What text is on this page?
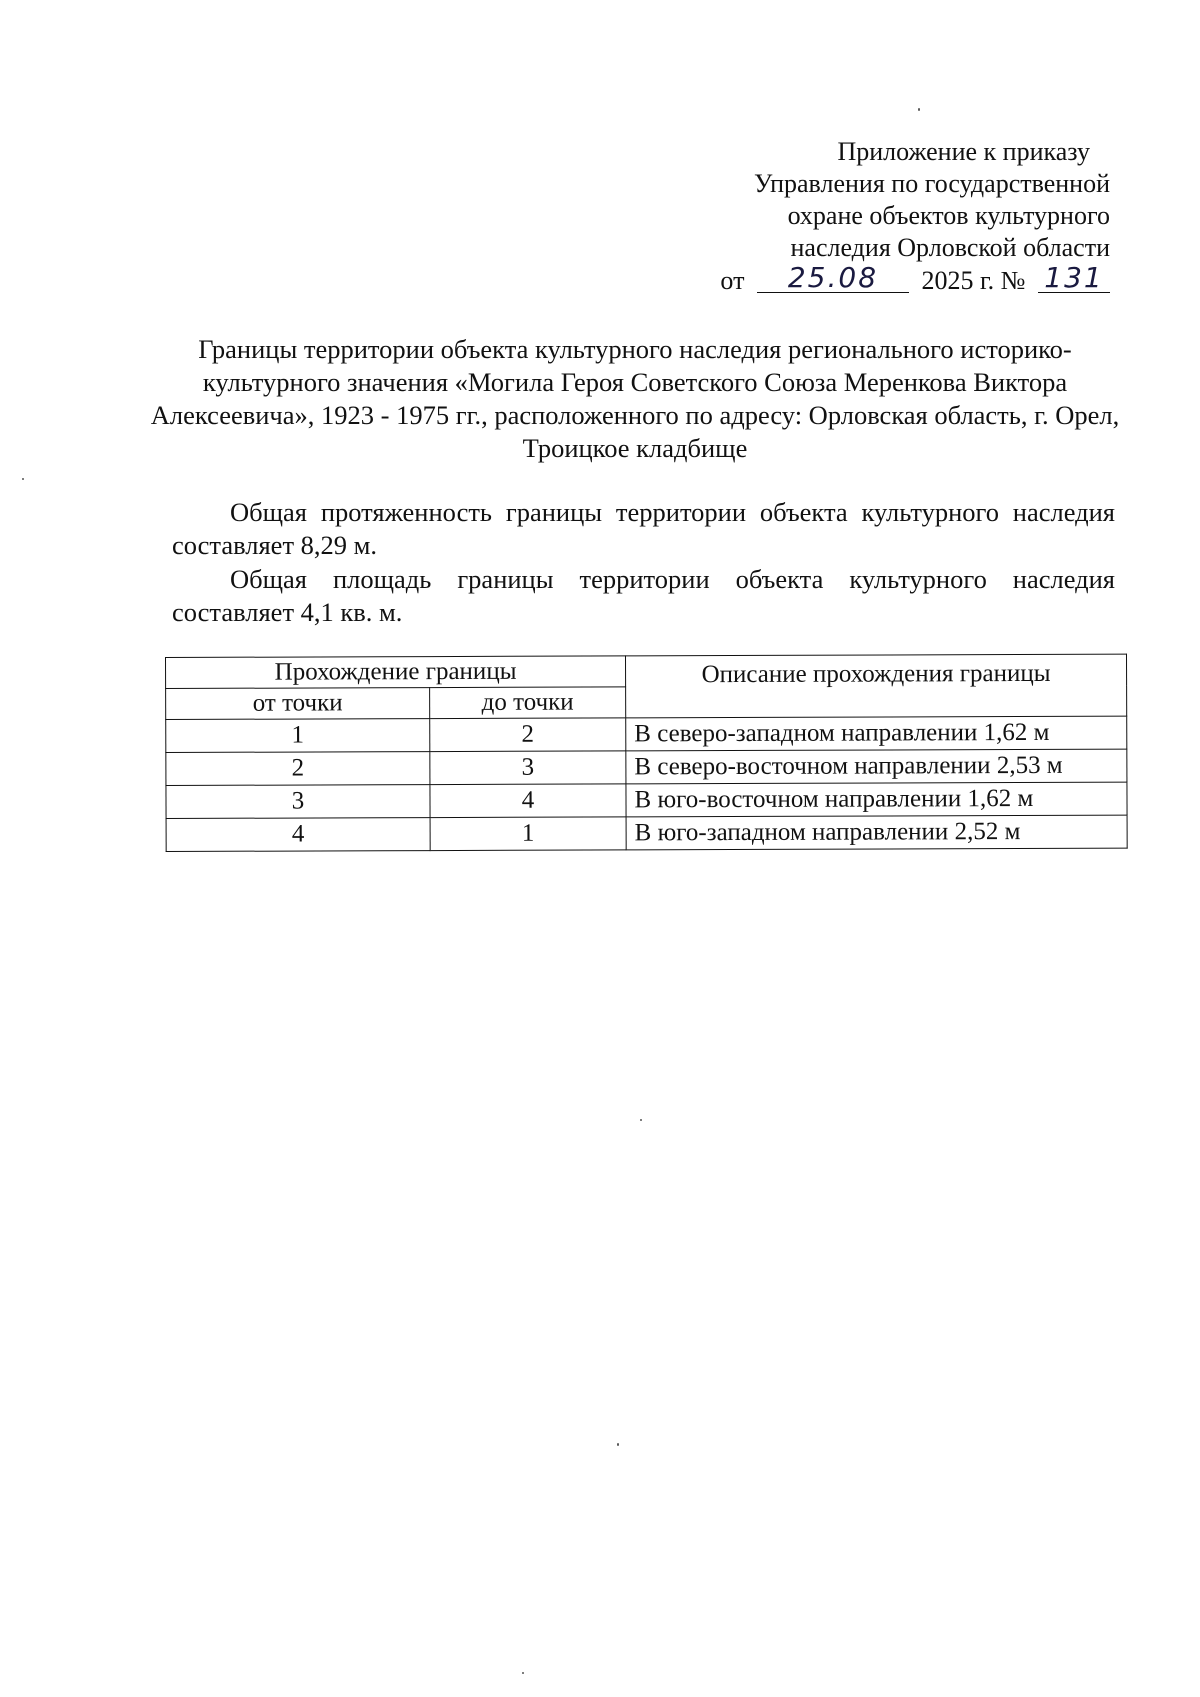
Приложение к приказу
Управления по государственной
охране объектов культурного
наследия Орловской области
от 25.08 2025 г. № 131
Границы территории объекта культурного наследия регионального историко-культурного значения «Могила Героя Советского Союза Меренкова Виктора Алексеевича», 1923 - 1975 гг., расположенного по адресу: Орловская область, г. Орел, Троицкое кладбище

Общая протяженность границы территории объекта культурного наследия составляет 8,29 м.

Общая площадь границы территории объекта культурного наследия составляет 4,1 кв. м.

Прохождение границы		Описание прохождения границы
от точки	до точки	
1	2	В северо-западном направлении 1,62 м
2	3	В северо-восточном направлении 2,53 м
3	4	В юго-восточном направлении 1,62 м
4	1	В юго-западном направлении 2,52 м
